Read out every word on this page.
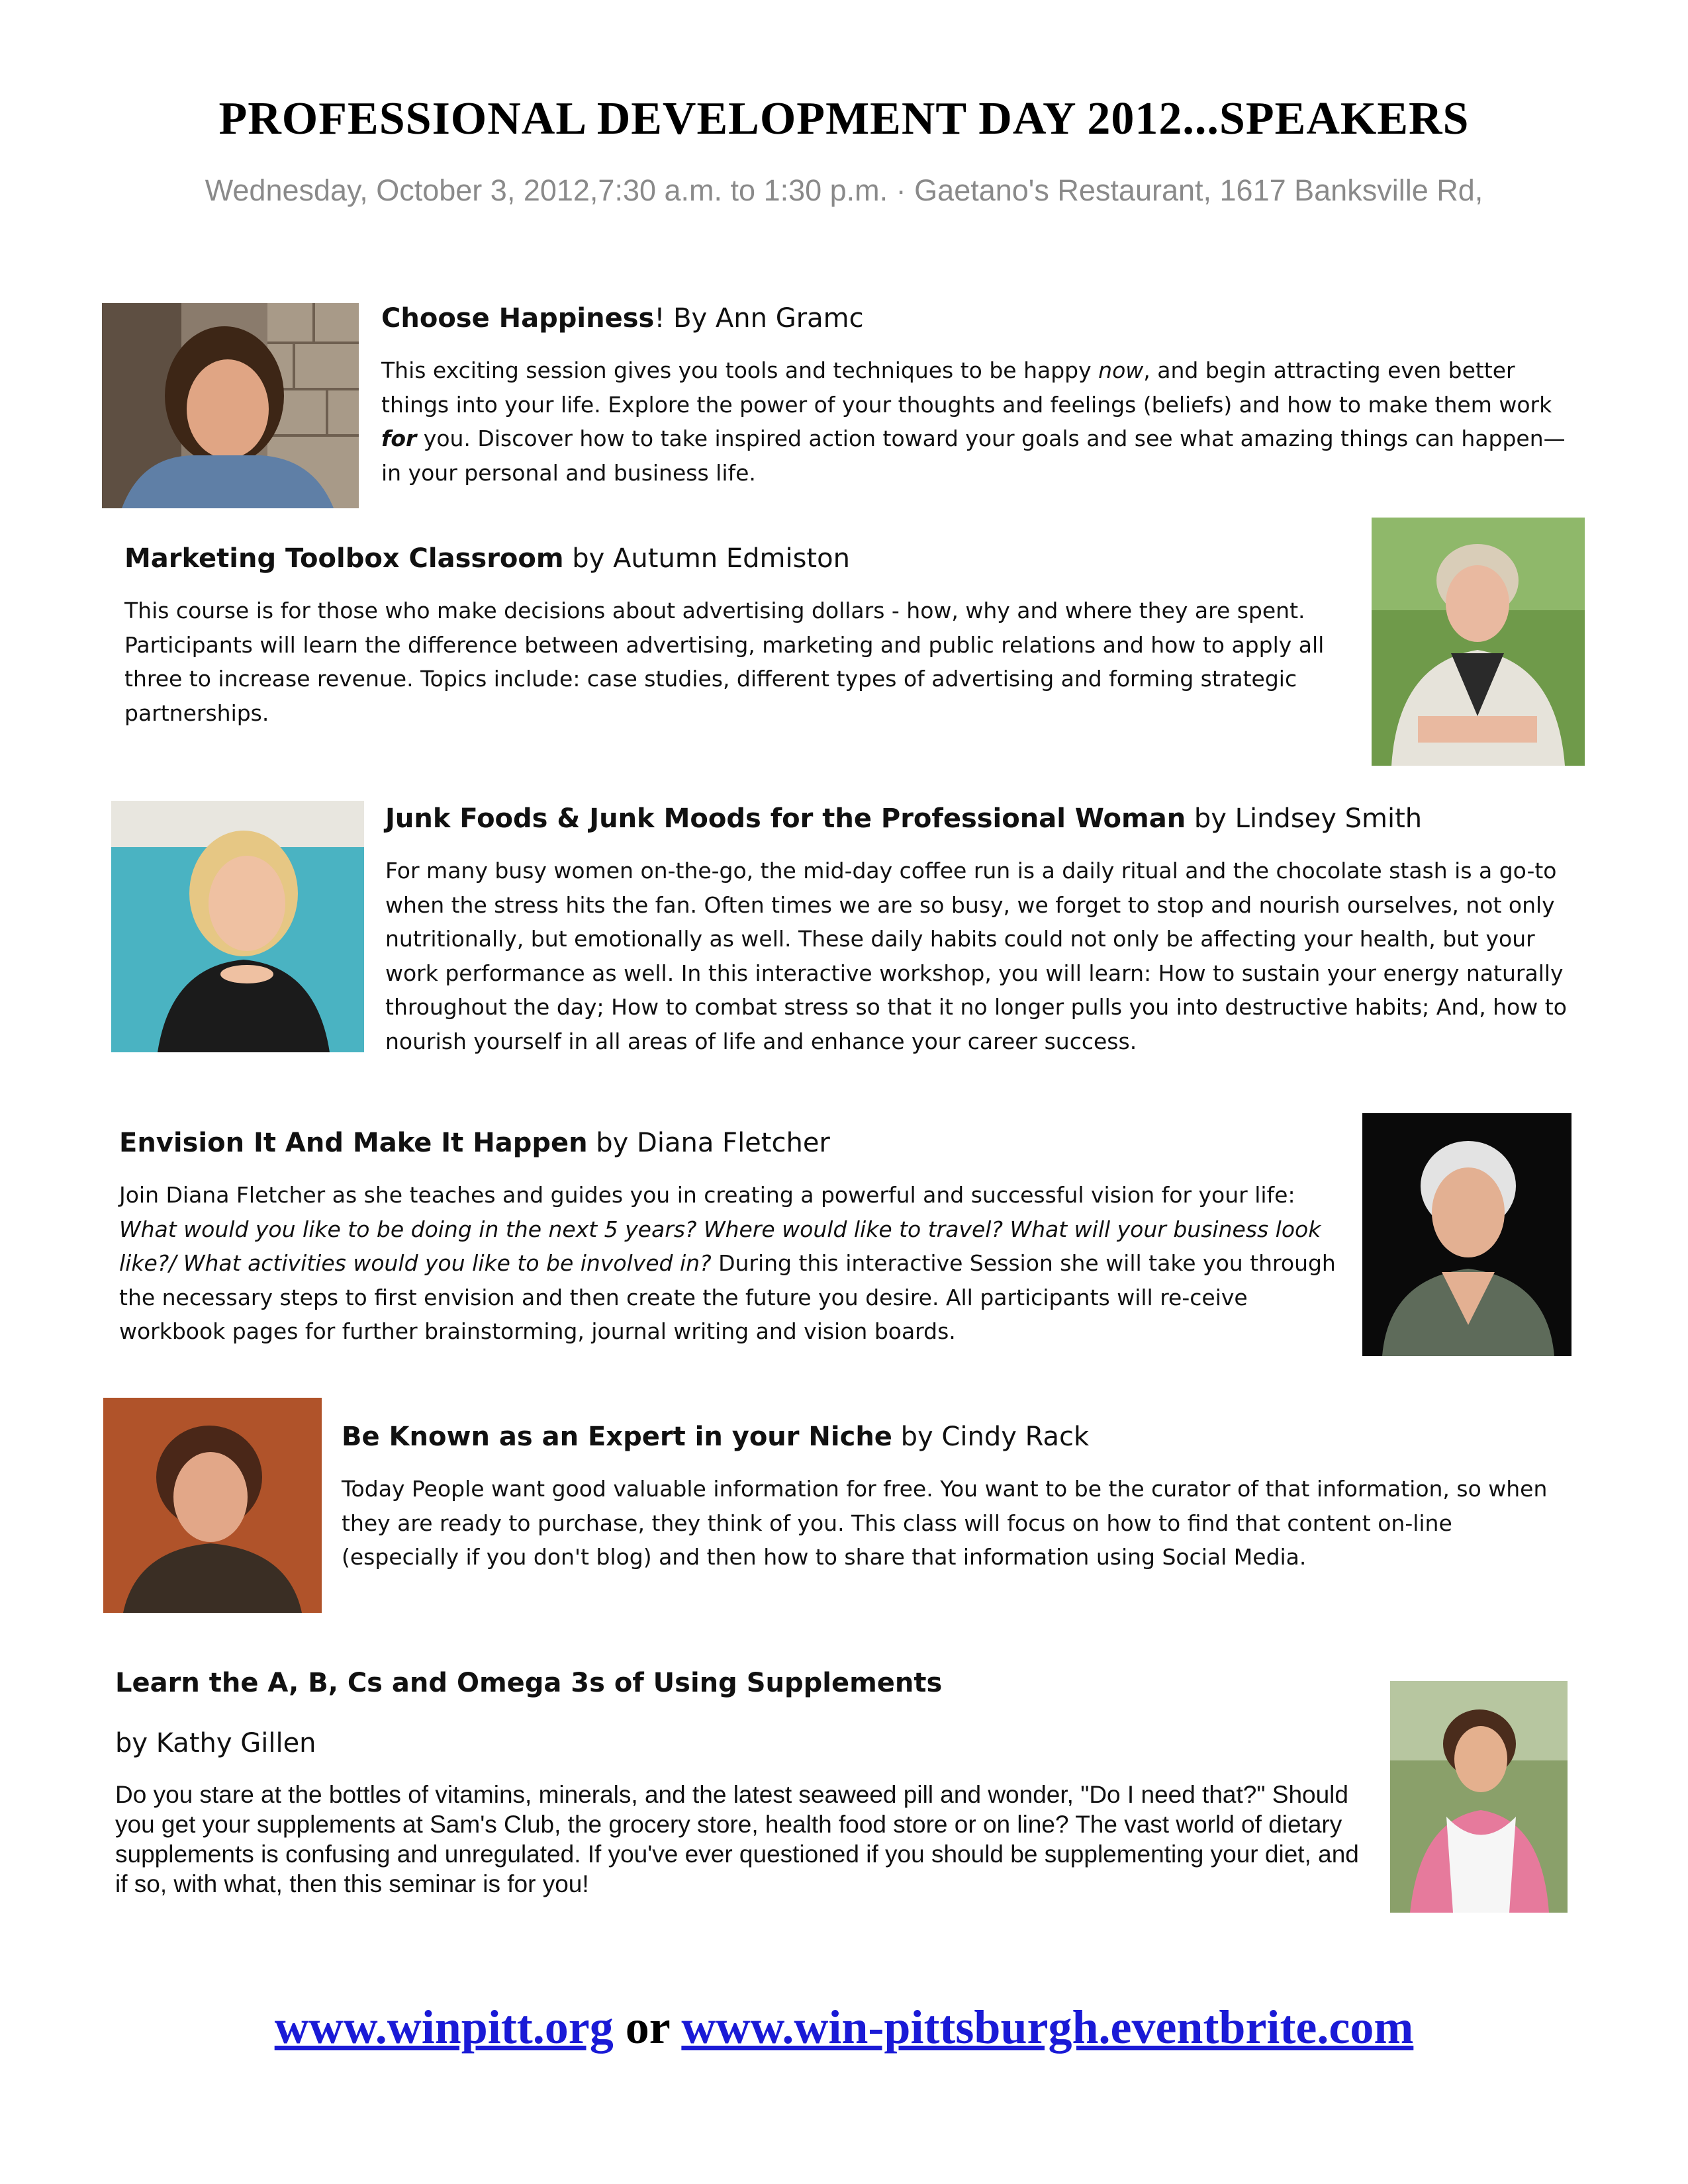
PROFESSIONAL DEVELOPMENT DAY 2012...SPEAKERS
Wednesday, October 3, 2012,7:30 a.m. to 1:30 p.m. · Gaetano's Restaurant, 1617 Banksville Rd,
Choose Happiness! By Ann Gramc

This exciting session gives you tools and techniques to be happy now, and begin attracting even better things into your life. Explore the power of your thoughts and feelings (beliefs) and how to make them work for you. Discover how to take inspired action toward your goals and see what amazing things can happen—in your personal and business life.

Marketing Toolbox Classroom by Autumn Edmiston

This course is for those who make decisions about advertising dollars - how, why and where they are spent. Participants will learn the difference between advertising, marketing and public relations and how to apply all three to increase revenue. Topics include: case studies, different types of advertising and forming strategic partnerships.

Junk Foods & Junk Moods for the Professional Woman by Lindsey Smith

For many busy women on-the-go, the mid-day coffee run is a daily ritual and the chocolate stash is a go-to when the stress hits the fan. Often times we are so busy, we forget to stop and nourish ourselves, not only nutritionally, but emotionally as well. These daily habits could not only be affecting your health, but your work performance as well. In this interactive workshop, you will learn: How to sustain your energy naturally throughout the day; How to combat stress so that it no longer pulls you into destructive habits; And, how to nourish yourself in all areas of life and enhance your career success.

Envision It And Make It Happen by Diana Fletcher

Join Diana Fletcher as she teaches and guides you in creating a powerful and successful vision for your life: What would you like to be doing in the next 5 years? Where would like to travel? What will your business look like?/ What activities would you like to be involved in? During this interactive Session she will take you through the necessary steps to first envision and then create the future you desire. All participants will re-ceive workbook pages for further brainstorming, journal writing and vision boards.

Be Known as an Expert in your Niche by Cindy Rack

Today People want good valuable information for free. You want to be the curator of that information, so when they are ready to purchase, they think of you. This class will focus on how to find that content on-line (especially if you don't blog) and then how to share that information using Social Media.

Learn the A, B, Cs and Omega 3s of Using Supplements
by Kathy Gillen

Do you stare at the bottles of vitamins, minerals, and the latest seaweed pill and wonder, "Do I need that?" Should you get your supplements at Sam's Club, the grocery store, health food store or on line? The vast world of dietary supplements is confusing and unregulated. If you've ever questioned if you should be supplementing your diet, and if so, with what, then this seminar is for you!

www.winpitt.org or www.win-pittsburgh.eventbrite.com
